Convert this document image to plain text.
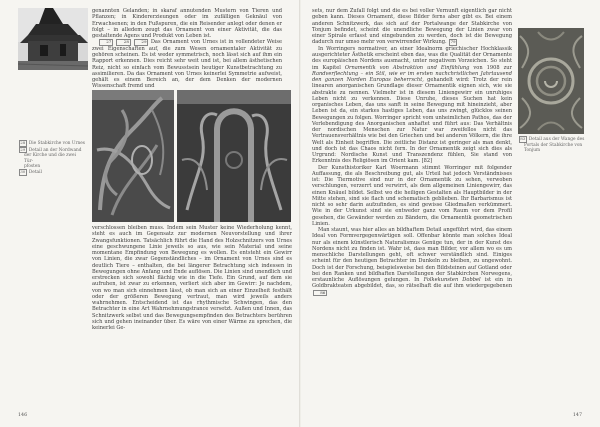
genannten Gelanden; in skaraf annutenden Mustern von Tieren und Pflanzen; in Kindererzieungen oder im zufälligen Geknäul von Erwachsenen; in den Fußspuren, die ein Reisender anlegt oder denen er folgt – in alledem zeugt das Ornament von einer Aktivität, die das gestaltende Agens und Produkt von Leben ist.

27	28	29 Das Ornament von Urnes ist in vollendeter Weise zwei Eigenschaften auf, die zum Wesen ornamentaler Aktivität zu gehören scheinen. Es ist weder symmetrisch, noch lässt sich auf ihm ein Rapport erkennen. Dies reicht sehr weit und ist, bei allem ästhetischen Reiz, nicht so einfach vom Bewusstsein heutiger Kunstbetrachtung zu assimilieren. Da das Ornament von Urnes keinerlei Symmetrie aufweist, gehält es einem Bereich an, der dem Denken der modernen Wissenschaft fremd und

28 Die Stabkirche von Urnes
29 Detail an der Nordwand
der Kirche und die zwei Tür-
pfosten
30 Detail

verschlossen bleiben muss. Indem sein Muster keine Wiederholung kennt, steht es auch im Gegensatz zur modernen Neuvorstellung und ihrer Zwangsfunktionen. Tatsächlich führt die Hand des Holzschnitzers von Urnes eine geschwungene Linie jeweils so aus, wie sein Material und seine momentane Empfindung von Bewegung es wollen. Es entsteht ein Gewirr von Linien, die zwar Gegenständliches – im Ornament von Urnes sind es deutlich Tiere – enthalten, die bei längerer Betrachtung sich indessen in Bewegungen ohne Anfang und Ende auflösen. Die Linien sind unendlich und erstrecken sich sowohl flächig wie in die Tiefe. Ein Grund, auf dem sie aufruhen, ist zwar zu erkennen, verliert sich aber im Gewirr: Je nachdem, von wo man sich einnehmen lässt, ob man sich an einer Einzelheit festhält oder der größeren Bewegung vertraut, man wird jeweils anders wahrnehmen. Entscheidend ist das rhythmische Schwingen, das den Betrachter in eine Art Wahrnehmungstrance versetzt. Außen und Innen, das Schnitzwerk selbst und das Bewegungsempfinden des Betrachters berühren sich und gehen ineinander über. Es wäre von einer Wärme zu sprechen, die keinerlei Ge-

146

sets, nur dem Zufall folgt und die es bei voller Vernunft eigentlich gar nicht geben kann. Dieses Ornament, diese Bilder ferns aber gibt es. Bei einem anderen Schnitzwerk, das sich auf der Portalwange der Stabkirche von Tonjum befindet, scheint die unendliche Bewegung der Linien zwar von einer Spirale erfasst und eingebunden zu werden, doch ist die Bewegung dadurch nur umso mehr von verwirrender Wirkung. 79

In Worringers normativer, an einer Idealnorm griechischer Hochklassik ausgerichteter Ästhetik erscheint eben das, was die Qualität der Ornamente des europäischen Nordens ausmacht, unter negativem Vorzeichen. So steht im Kapitel Ornamentik von Abstraktion und Einfühlung von 1908 zur Randverflechtung – ein Stil, wie er im ersten nachchristlichen Jahrtausend den ganzen Norden Europas beherrscht, gehandelt wird: Trotz der rein linearen anorganischen Grundlage dieser Ornamentik eignen sich, wie sie abstrakte zu nennen. Vielmehr ist in diesem Liniengewirr ein unruhiges Leben nicht zu verkennen. Diese Unruhe, dieses Suchen hat kein organisches Leben, das uns sanft in seine Bewegung mit hineinzieht, aber Leben ist da, ein starkes hastiges Leben, das uns zwingt, glücklos seinen Bewegungen zu folgen. Worringer spricht vom unheimlichen Pathos, das der Verlebendigung des Anorganischen anhaftet und führt aus: Das Verhältnis der nordischen Menschen zur Natur war zweifellos nicht das Vertrauensverhältnis wie bei den Griechen und bei anderen Völkern, die ihre Welt als Einheit begriffen. Die zeitliche Distanz ist geringer als man denkt, und doch ist das Chaos nicht fern. In der Ornamentik zeigt sich dies als Urgrund: Nordische Kunst und Transzendenz fühlen, Sie stand von Erkenntnis des Religiösen im Orient kam. [82]

Der Kunsthistoriker Karl Woermann stimmt Worringer mit folgender Auffassung, die als Beschreibung gut, als Urteil hat jedoch Verständnisses ist: Die Tiermotive sind nur in der Ornamentik zu sehen, verwoben verschlungen, verzerrt und verwirrt, als dem allgemeinen Liniengewirr, das einen Knäuel bildet. Selbst wo die heiligen Gestalten als Hauptbilder in der Mitte stehen, sind sie flach und schematisch geblieben. Ihr Barbarismus ist nicht so sehr darin aufzufinden, es sind gewisse Gliedmaßen verkümmert. Wie in der Urkunst sind sie entweder ganz vom Raum vor dem Profil gesehen, die Gewänder werden zu Bändern, die Ornamentik geometrischen Linien.

Man staunt, was hier alles an bildhaftem Detail angeführt wird, das einem Ideal von Formvergegenwärtigen soll. Offenbar könnte man solches Ideal nur als einem künstlerisch Naturalismus Genüge tun, der in der Kunst des Nordens nicht zu finden ist. Wahr ist, dass man Bilder, vor allem wo es um menschliche Darstellungen geht, oft schwer verständlich sind. Einiges scheint für den heutigen Betrachter im Dunkeln zu bleiben, zu ungewohnt. Doch ist der Forschung, beispielsweise bei den Bildsteinen auf Gotland oder bei den Ranken und bildhaften Darstellungen der Stabkirchen Norwegens, erstaunliche Auflösungen gelungen. In Folkekunsten Dobbel ist ein in Goldbrakteaten abgebildet, das, so rätselhaft die auf ihm wiedergegebenen 86

83 Detail aus der Wange des
Portals der Stabkirche von
Tonjum
147
